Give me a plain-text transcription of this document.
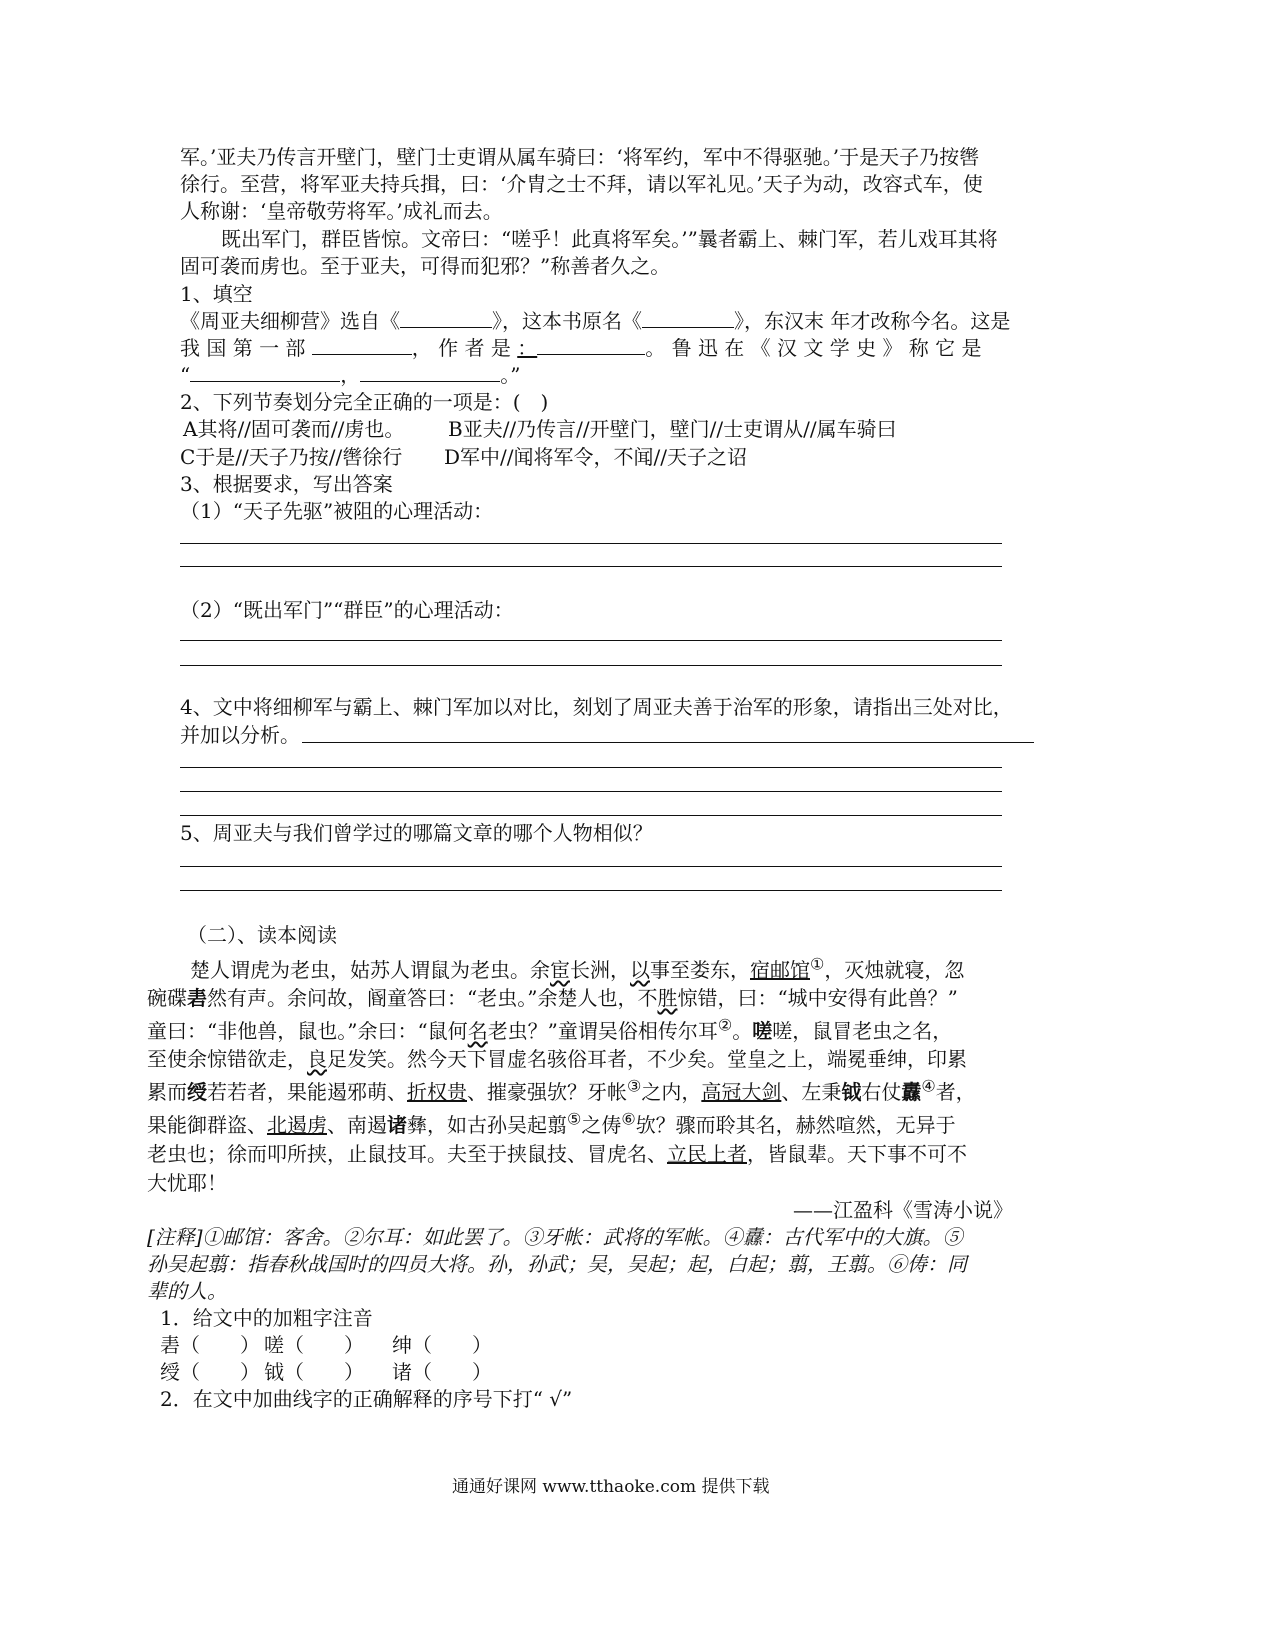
军。’亚夫乃传言开壁门，壁门士吏谓从属车骑曰：‘将军约，军中不得驱驰。’于是天子乃按辔
徐行。至营，将军亚夫持兵揖，曰：‘介胄之士不拜，请以军礼见。’天子为动，改容式车，使
人称谢：‘皇帝敬劳将军。’成礼而去。
既出军门，群臣皆惊。文帝曰：“嗟乎！此真将军矣。’”曩者霸上、棘门军，若儿戏耳其将
固可袭而虏也。至于亚夫，可得而犯邪？”称善者久之。
1、填空
《周亚夫细柳营》选自《	》，这本书原名《	》，东汉末 年才改称今名。这是
我 国 第 一 部	， 作 者 是 ：	。 鲁 迅 在 《 汉 文 学 史 》 称 它 是
“	，	。”
2、下列节奏划分完全正确的一项是：(　)
A其将//固可袭而//虏也。 B亚夫//乃传言//开壁门，壁门//士吏谓从//属车骑曰
C于是//天子乃按//辔徐行 D军中//闻将军令，不闻//天子之诏
3、根据要求，写出答案
（1）“天子先驱”被阻的心理活动：
（2）“既出军门”“群臣”的心理活动：
4、文中将细柳军与霸上、棘门军加以对比，刻划了周亚夫善于治军的形象，请指出三处对比，
并加以分析。
5、周亚夫与我们曾学过的哪篇文章的哪个人物相似？
（二）、读本阅读
楚人谓虎为老虫，姑苏人谓鼠为老虫。余宦长洲，以事至娄东，宿邮馆①，灭烛就寝，忽
碗碟砉然有声。余问故，阍童答曰：“老虫。”余楚人也，不胜惊错，曰：“城中安得有此兽？”
童曰：“非他兽，鼠也。”余曰：“鼠何名老虫？”童谓吴俗相传尔耳②。嗟嗟，鼠冒老虫之名，
至使余惊错欲走，良足发笑。然今天下冒虚名骇俗耳者，不少矣。堂皇之上，端冕垂绅，印累
累而绶若若者，果能遏邪萌、折权贵、摧豪强欤？牙帐③之内，高冠大剑、左秉钺右仗纛④者，
果能御群盗、北遏虏、南遏诸彝，如古孙吴起翦⑤之俦⑥欤？骤而聆其名，赫然喧然，无异于
老虫也；徐而叩所挟，止鼠技耳。夫至于挟鼠技、冒虎名、立民上者，皆鼠辈。天下事不可不
大忧耶！
——江盈科《雪涛小说》
[注释]①邮馆：客舍。②尔耳：如此罢了。③牙帐：武将的军帐。④纛：古代军中的大旗。⑤
孙吴起翦：指春秋战国时的四员大将。孙，孙武；吴，吴起；起，白起；翦，王翦。⑥俦：同
辈的人。
1．给文中的加粗字注音
砉（　　） 嗟（　　） 绅（　　）
绶（　　） 钺（　　） 诸（　　）
2．在文中加曲线字的正确解释的序号下打“ √”
通通好课网 www.tthaoke.com 提供下载
